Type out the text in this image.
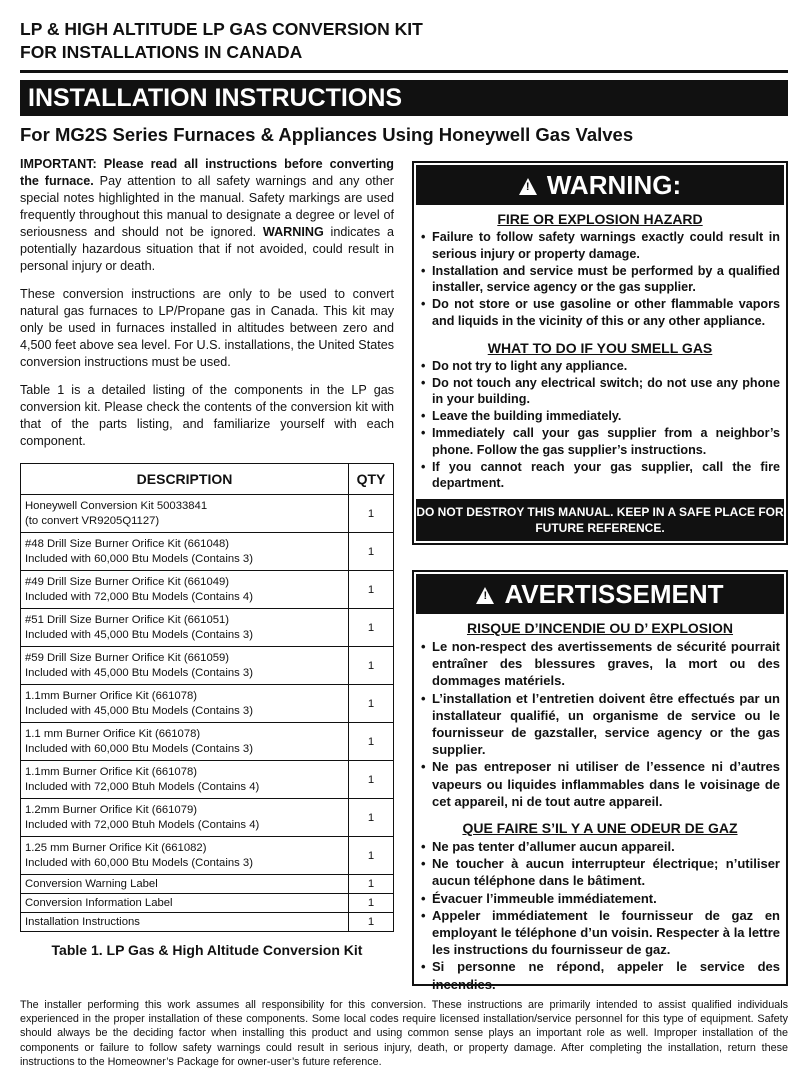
LP & HIGH ALTITUDE LP GAS CONVERSION KIT
FOR INSTALLATIONS IN CANADA
INSTALLATION INSTRUCTIONS
For MG2S Series Furnaces & Appliances Using Honeywell Gas Valves

IMPORTANT: Please read all instructions before converting the furnace. Pay attention to all safety warnings and any other special notes highlighted in the manual. Safety markings are used frequently throughout this manual to designate a degree or level of seriousness and should not be ignored. WARNING indicates a potentially hazardous situation that if not avoided, could result in personal injury or death.

These conversion instructions are only to be used to convert natural gas furnaces to LP/Propane gas in Canada. This kit may only be used in furnaces installed in altitudes between zero and 4,500 feet above sea level. For U.S. installations, the United States conversion instructions must be used.

Table 1 is a detailed listing of the components in the LP gas conversion kit. Please check the contents of the conversion kit with that of the parts listing, and familiarize yourself with each component.

DESCRIPTION	QTY

Honeywell Conversion Kit 50033841
(to convert VR9205Q1127)	1

#48 Drill Size Burner Orifice Kit (661048)
Included with 60,000 Btu Models (Contains 3)	1

#49 Drill Size Burner Orifice Kit (661049)
Included with 72,000 Btu Models (Contains 4)	1

#51 Drill Size Burner Orifice Kit (661051)
Included with 45,000 Btu Models (Contains 3)	1

#59 Drill Size Burner Orifice Kit (661059)
Included with 45,000 Btu Models (Contains 3)	1

1.1mm Burner Orifice Kit (661078)
Included with 45,000 Btu Models (Contains 3)	1

1.1 mm Burner Orifice Kit (661078)
Included with 60,000 Btu Models (Contains 3)	1

1.1mm Burner Orifice Kit (661078)
Included with 72,000 Btuh Models (Contains 4)	1

1.2mm Burner Orifice Kit (661079)
Included with 72,000 Btuh Models (Contains 4)	1

1.25 mm Burner Orifice Kit (661082)
Included with 60,000 Btu Models (Contains 3)	1

Conversion Warning Label	1

Conversion Information Label	1

Installation Instructions	1
Table 1. LP Gas & High Altitude Conversion Kit
!WARNING:
FIRE OR EXPLOSION HAZARD
• Failure to follow safety warnings exactly could result in serious injury or property damage.
• Installation and service must be performed by a qualified installer, service agency or the gas supplier.
• Do not store or use gasoline or other flammable vapors and liquids in the vicinity of this or any other appliance.
WHAT TO DO IF YOU SMELL GAS
• Do not try to light any appliance.
• Do not touch any electrical switch; do not use any phone in your building.
• Leave the building immediately.
• Immediately call your gas supplier from a neighbor’s phone. Follow the gas supplier’s instructions.
• If you cannot reach your gas supplier, call the fire department.
DO NOT DESTROY THIS MANUAL. KEEP IN A SAFE PLACE FOR FUTURE REFERENCE.
!AVERTISSEMENT
RISQUE D’INCENDIE OU D’ EXPLOSION
• Le non-respect des avertissements de sécurité pourrait entraîner des blessures graves, la mort ou des dommages matériels.
• L’installation et l’entretien doivent être effectués par un installateur qualifié, un organisme de service ou le fournisseur de gazstaller, service agency or the gas supplier.
• Ne pas entreposer ni utiliser de l’essence ni d’autres vapeurs ou liquides inflammables dans le voisinage de cet appareil, ni de tout autre appareil.
QUE FAIRE S’IL Y A UNE ODEUR DE GAZ
• Ne pas tenter d’allumer aucun appareil.
• Ne toucher à aucun interrupteur électrique; n’utiliser aucun téléphone dans le bâtiment.
• Évacuer l’immeuble immédiatement.
• Appeler immédiatement le fournisseur de gaz en employant le téléphone d’un voisin. Respecter à la lettre les instructions du fournisseur de gaz.
• Si personne ne répond, appeler le service des incendies.
The installer performing this work assumes all responsibility for this conversion. These instructions are primarily intended to assist qualified individuals experienced in the proper installation of these components. Some local codes require licensed installation/service personnel for this type of equipment. Safety should always be the deciding factor when installing this product and using common sense plays an important role as well. Improper installation of the components or failure to follow safety warnings could result in serious injury, death, or property damage. After completing the installation, return these instructions to the Homeowner’s Package for owner-user’s future reference.
